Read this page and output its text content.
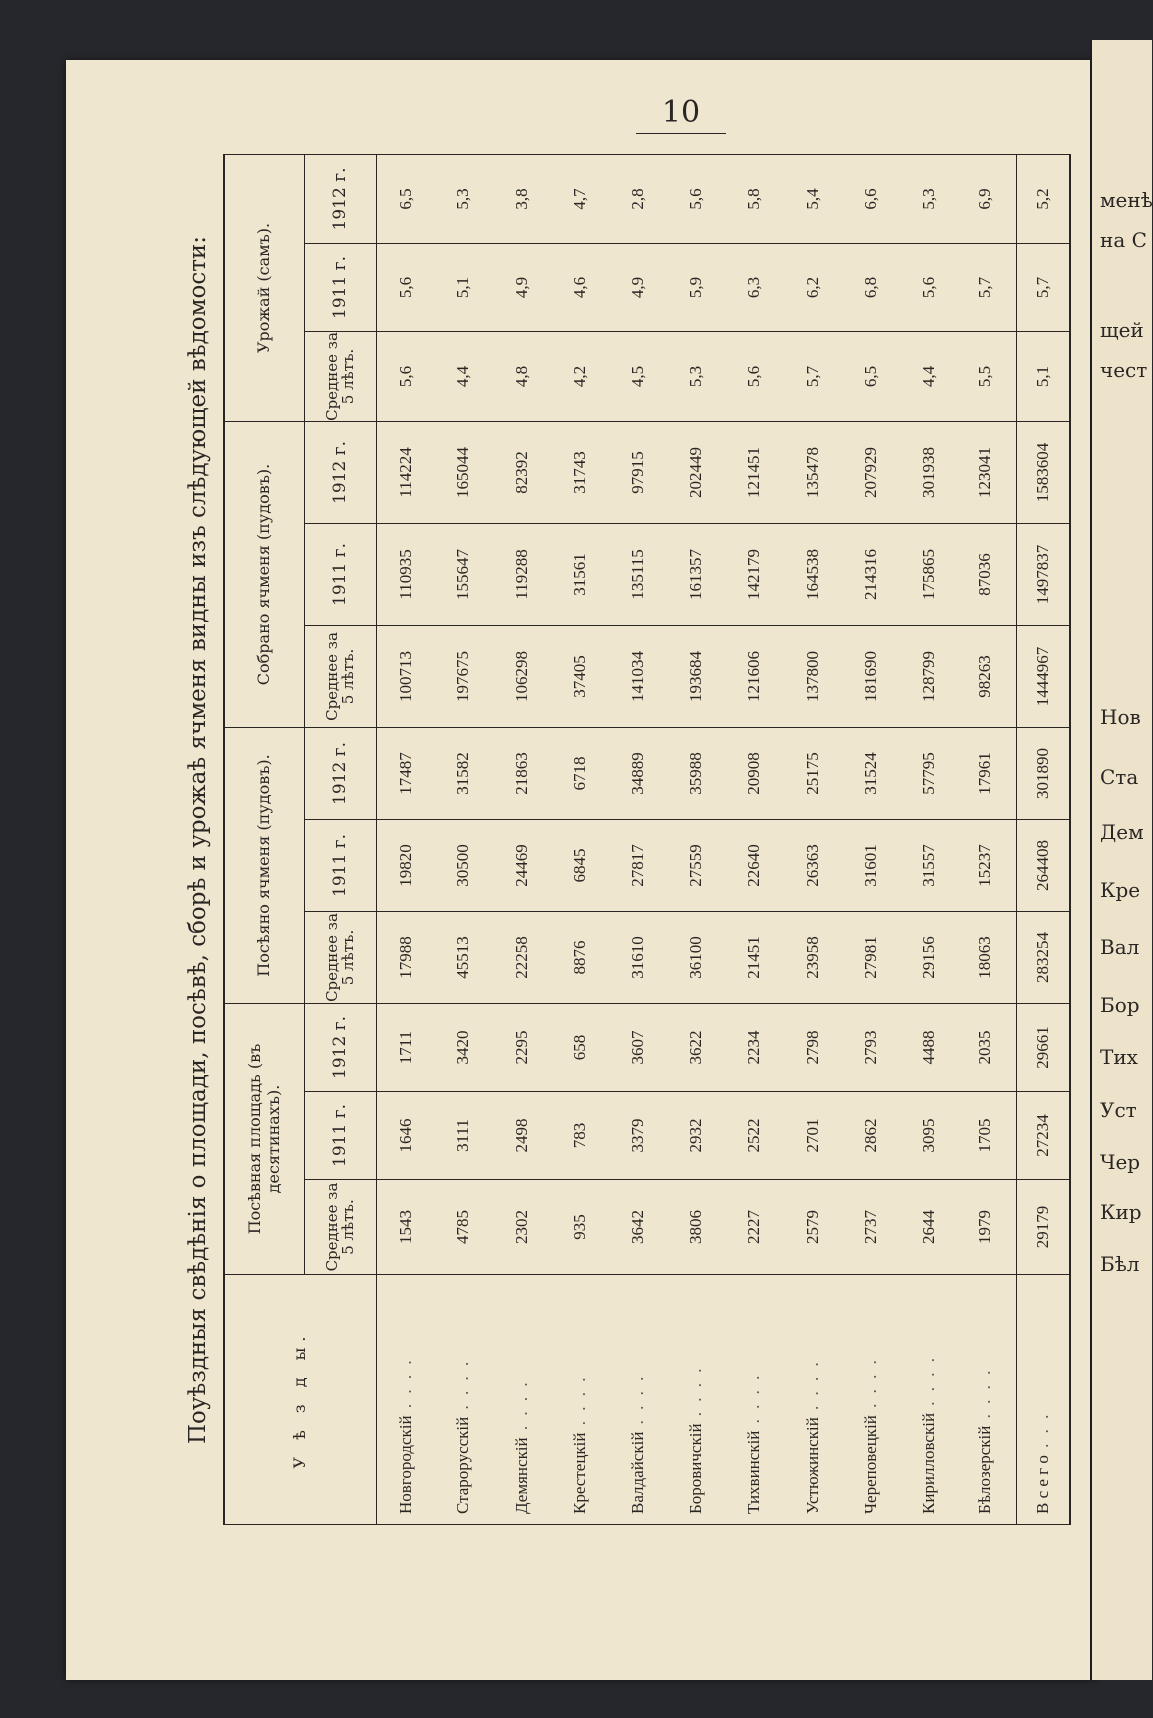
10
менѣ
на С
щей
чест
Нов
Ста
Дем
Кре
Вал
Бор
Тих
Уст
Чер
Кир
Бѣл
Поуѣздныя свѣдѣнія о площади, посѣвѣ, сборѣ и урожаѣ ячменя видны изъ слѣдующей вѣдомости:	У ѣ з д ы.	Посѣвная площадь (въ десятинахъ).			Посѣяно ячменя (пудовъ).			Собрано ячменя (пудовъ).			Урожай (самъ).		
	Среднее за 5 лѣтъ.	1911 г.	1912 г.	Среднее за 5 лѣтъ.	1911 г.	1912 г.	Среднее за 5 лѣтъ.	1911 г.	1912 г.	Среднее за 5 лѣтъ.	1911 г.	1912 г.
Новгородскій . . . .	1543	1646	1711	17988	19820	17487	100713	110935	114224	5,6	5,6	6,5
Старорусскій . . . .	4785	3111	3420	45513	30500	31582	197675	155647	165044	4,4	5,1	5,3
Демянскій . . . .	2302	2498	2295	22258	24469	21863	106298	119288	82392	4,8	4,9	3,8
Крестецкій . . . .	935	783	658	8876	6845	6718	37405	31561	31743	4,2	4,6	4,7
Валдайскій . . . .	3642	3379	3607	31610	27817	34889	141034	135115	97915	4,5	4,9	2,8
Боровичскій . . . .	3806	2932	3622	36100	27559	35988	193684	161357	202449	5,3	5,9	5,6
Тихвинскій . . . .	2227	2522	2234	21451	22640	20908	121606	142179	121451	5,6	6,3	5,8
Устюжинскій . . . .	2579	2701	2798	23958	26363	25175	137800	164538	135478	5,7	6,2	5,4
Череповецкій . . . .	2737	2862	2793	27981	31601	31524	181690	214316	207929	6,5	6,8	6,6
Кирилловскій . . . .	2644	3095	4488	29156	31557	57795	128799	175865	301938	4,4	5,6	5,3
Бѣлозерскій . . . .	1979	1705	2035	18063	15237	17961	98263	87036	123041	5,5	5,7	6,9
В с е г о . . .	29179	27234	29661	283254	264408	301890	1444967	1497837	1583604	5,1	5,7	5,2
